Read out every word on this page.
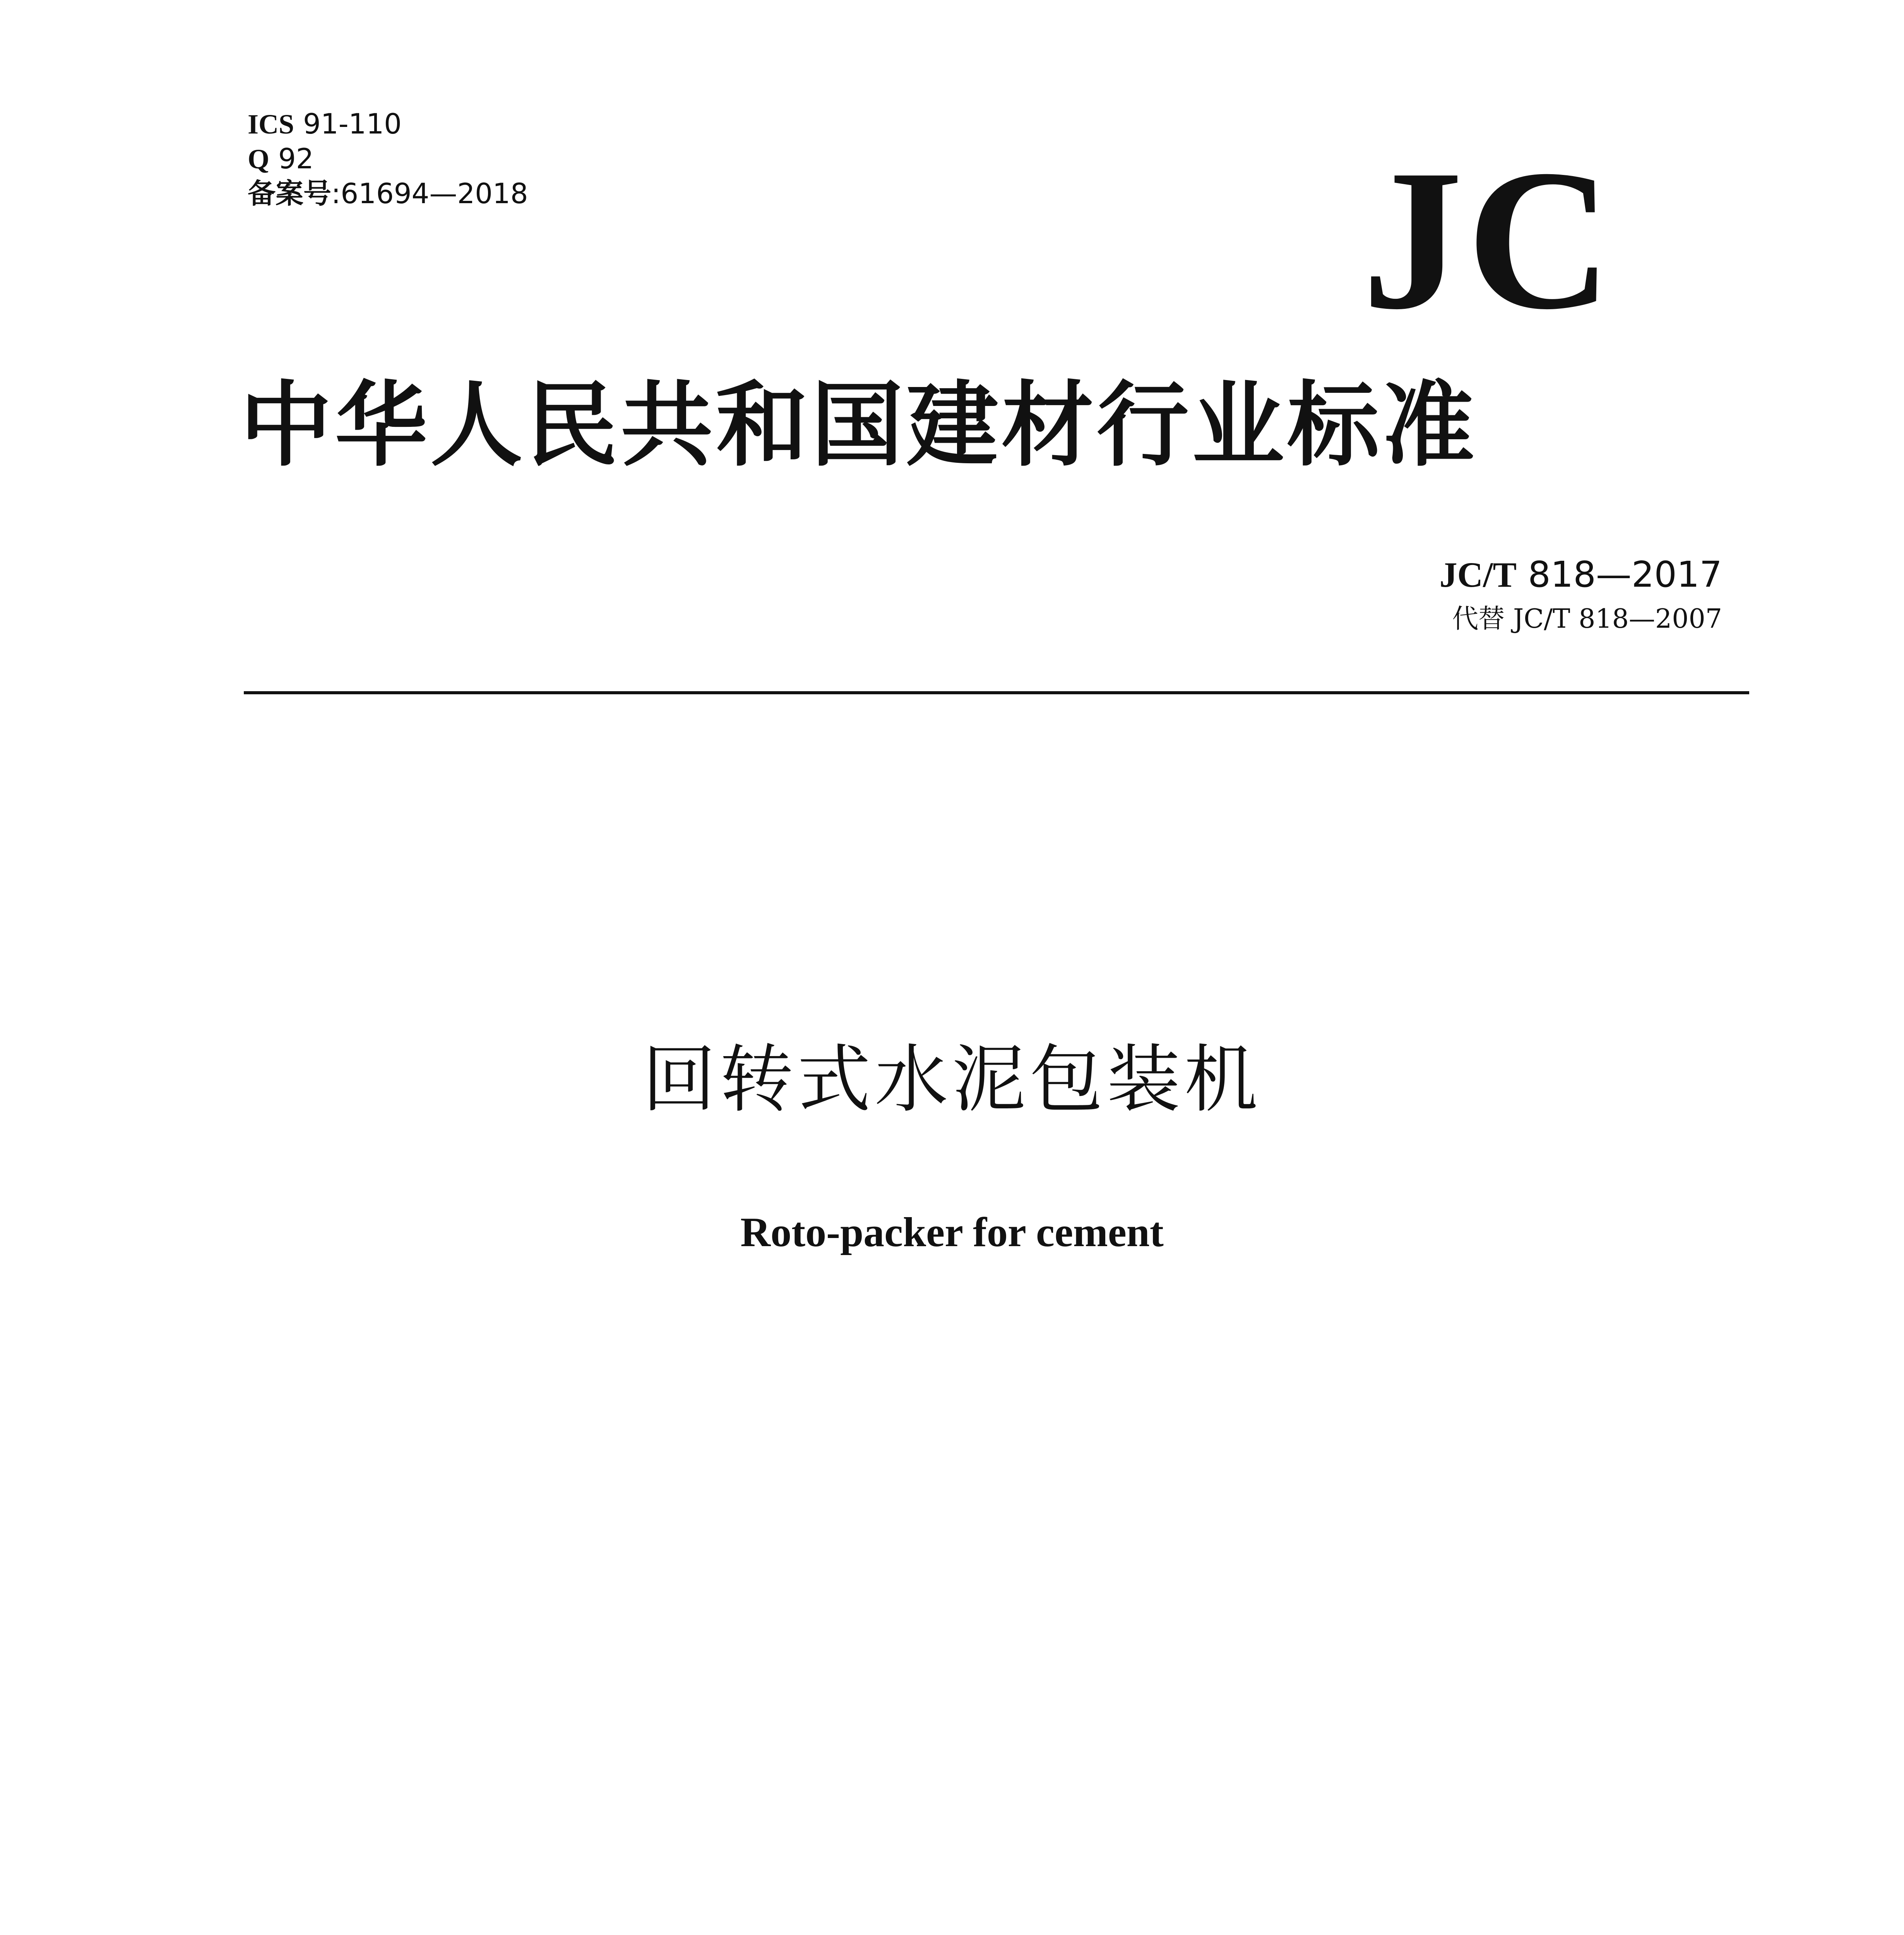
ICS 91-110
Q 92
备案号:61694—2018	JC
中华人民共和国建材行业标准
JC/T 818—2017
代替 JC/T 818—2007
回转式水泥包装机
Roto-packer for cement
